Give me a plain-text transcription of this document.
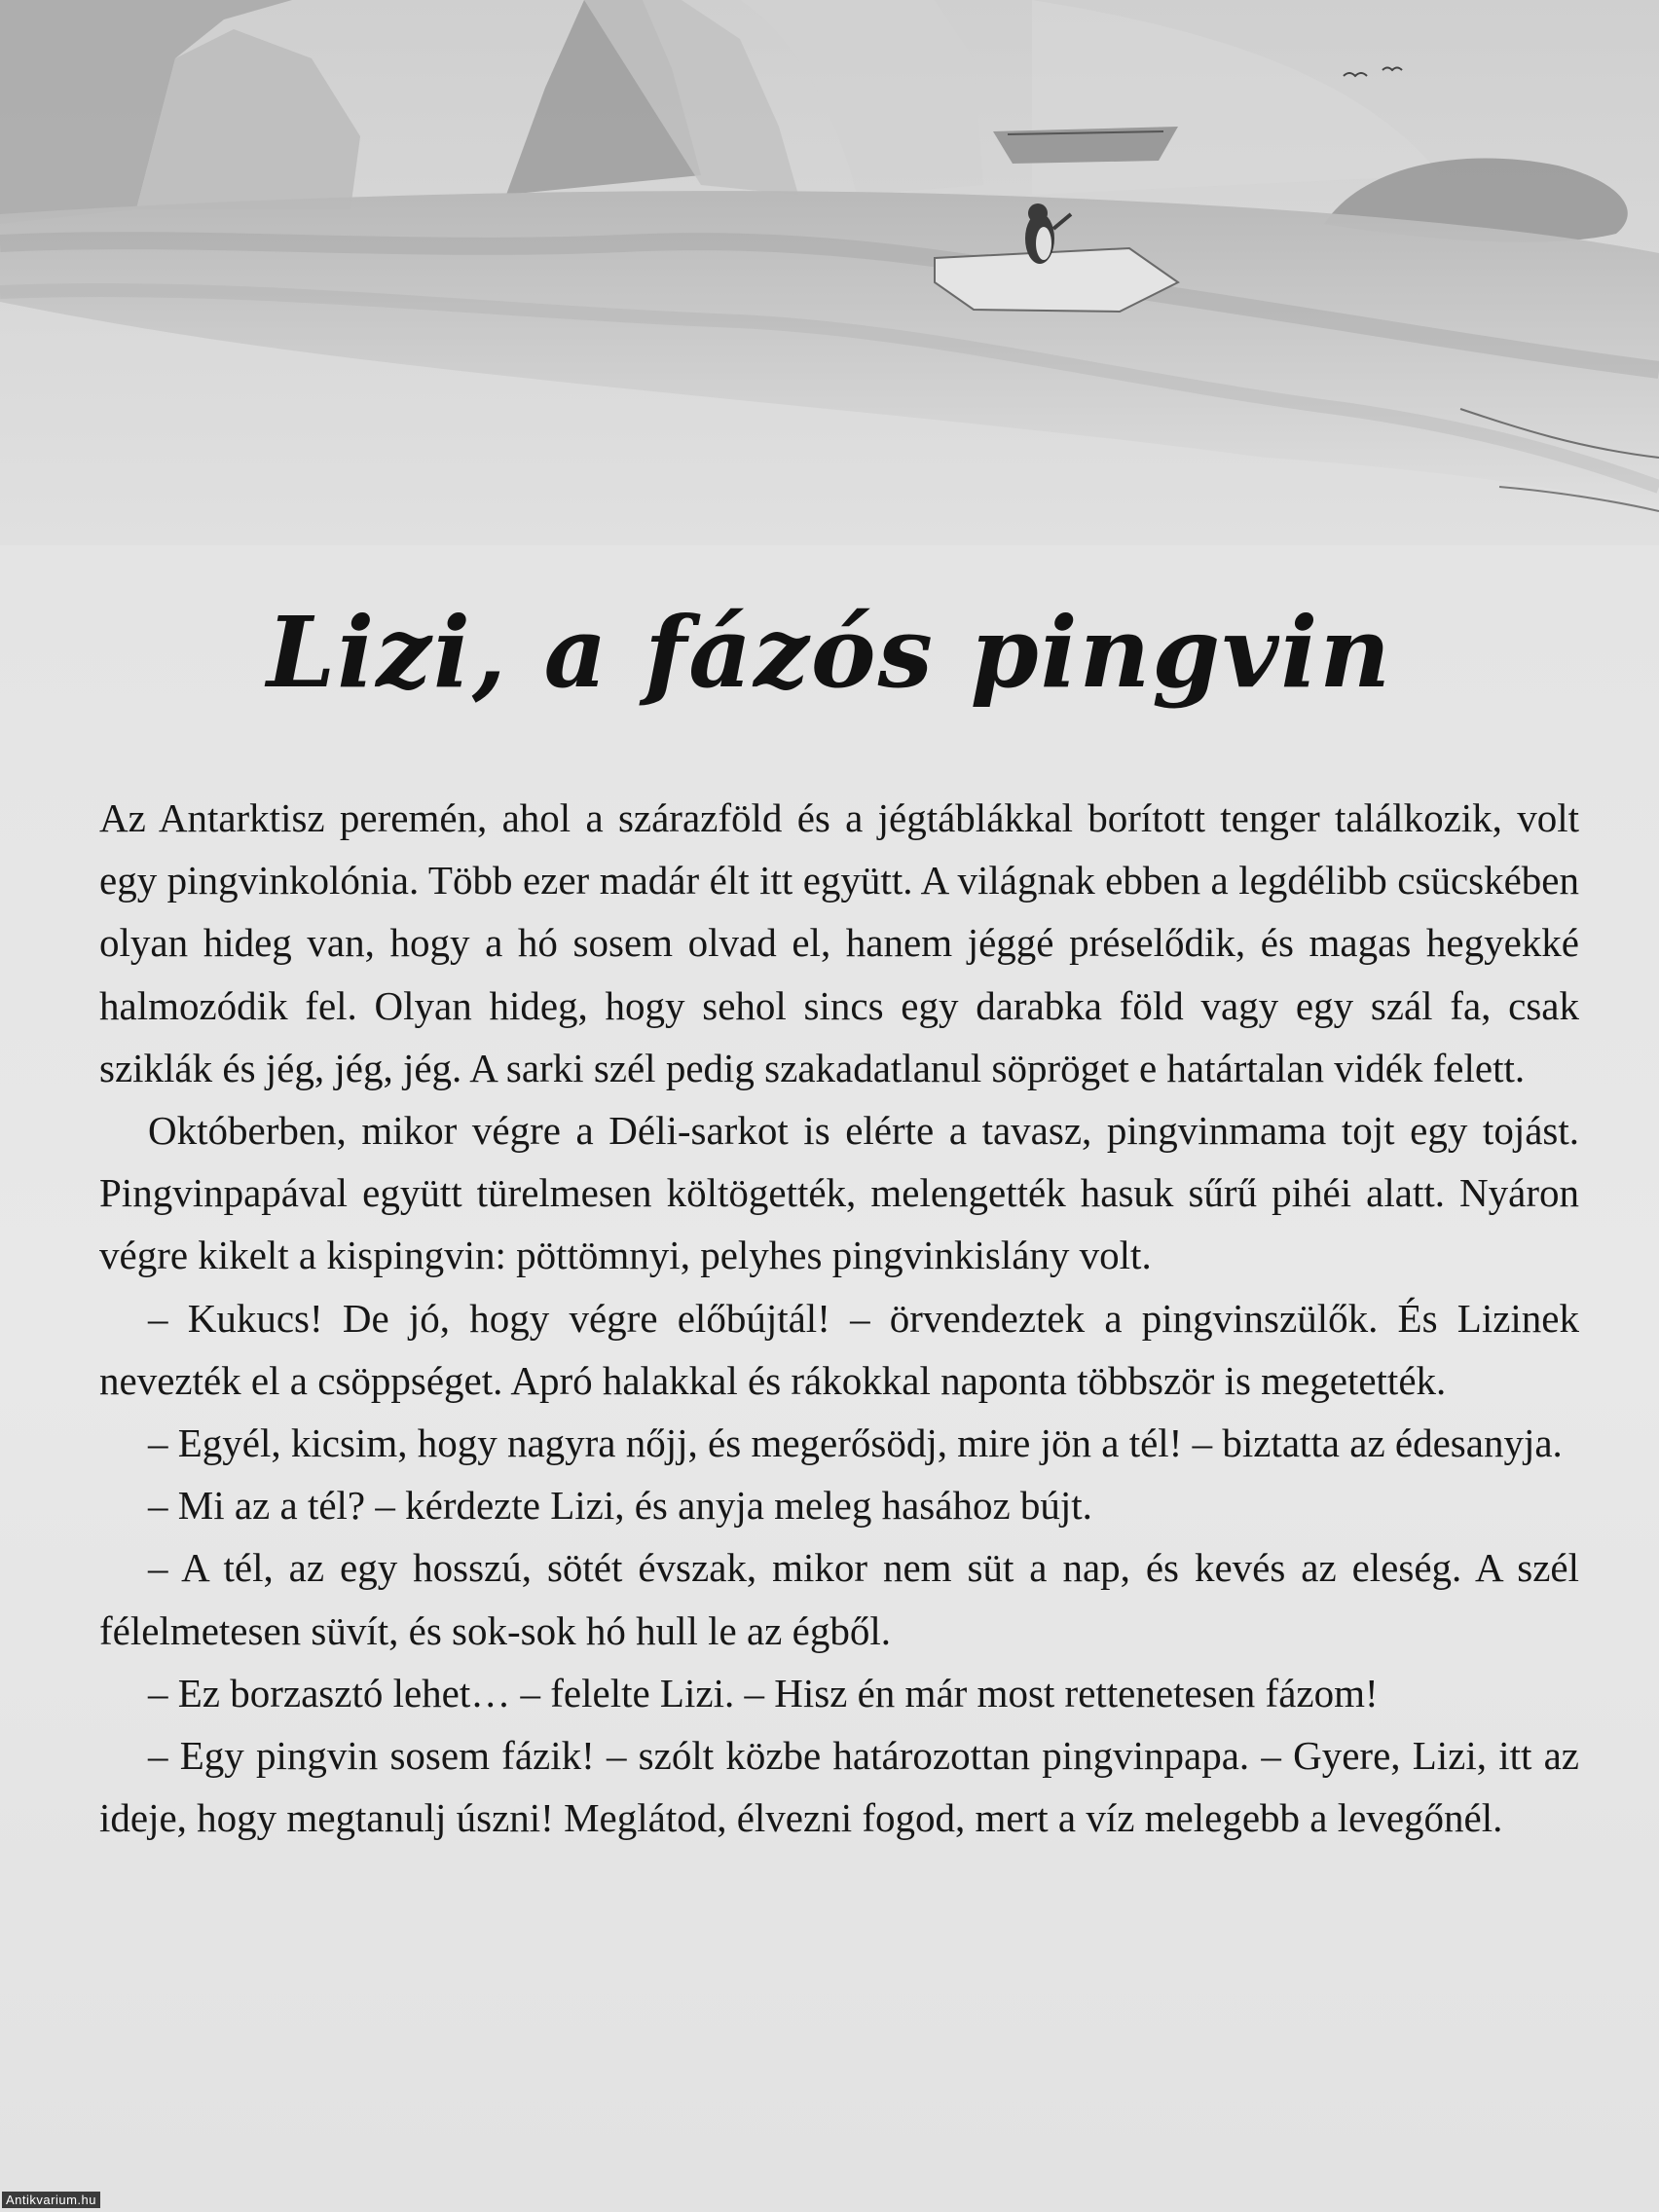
Lizi, a fázós pingvin

Az Antarktisz peremén, ahol a szárazföld és a jégtáblákkal borított tenger találkozik, volt egy pingvinkolónia. Több ezer madár élt itt együtt. A világnak ebben a legdélibb csücskében olyan hideg van, hogy a hó sosem olvad el, hanem jéggé préselődik, és magas hegyekké halmozódik fel. Olyan hideg, hogy sehol sincs egy darabka föld vagy egy szál fa, csak sziklák és jég, jég, jég. A sarki szél pedig szakadatlanul söpröget e határtalan vidék felett.

Októberben, mikor végre a Déli-sarkot is elérte a tavasz, pingvinmama tojt egy tojást. Pingvinpapával együtt türelmesen költögették, melengették hasuk sűrű pihéi alatt. Nyáron végre kikelt a kispingvin: pöttömnyi, pelyhes pingvinkislány volt.

– Kukucs! De jó, hogy végre előbújtál! – örvendeztek a pingvinszülők. És Lizinek nevezték el a csöppséget. Apró halakkal és rákokkal naponta többször is megetették.

– Egyél, kicsim, hogy nagyra nőjj, és megerősödj, mire jön a tél! – biztatta az édesanyja.

– Mi az a tél? – kérdezte Lizi, és anyja meleg hasához bújt.

– A tél, az egy hosszú, sötét évszak, mikor nem süt a nap, és kevés az eleség. A szél félelmetesen süvít, és sok-sok hó hull le az égből.

– Ez borzasztó lehet… – felelte Lizi. – Hisz én már most rettenetesen fázom!

– Egy pingvin sosem fázik! – szólt közbe határozottan pingvinpapa. – Gyere, Lizi, itt az ideje, hogy megtanulj úszni! Meglátod, élvezni fogod, mert a víz melegebb a levegőnél.

Antikvarium.hu
